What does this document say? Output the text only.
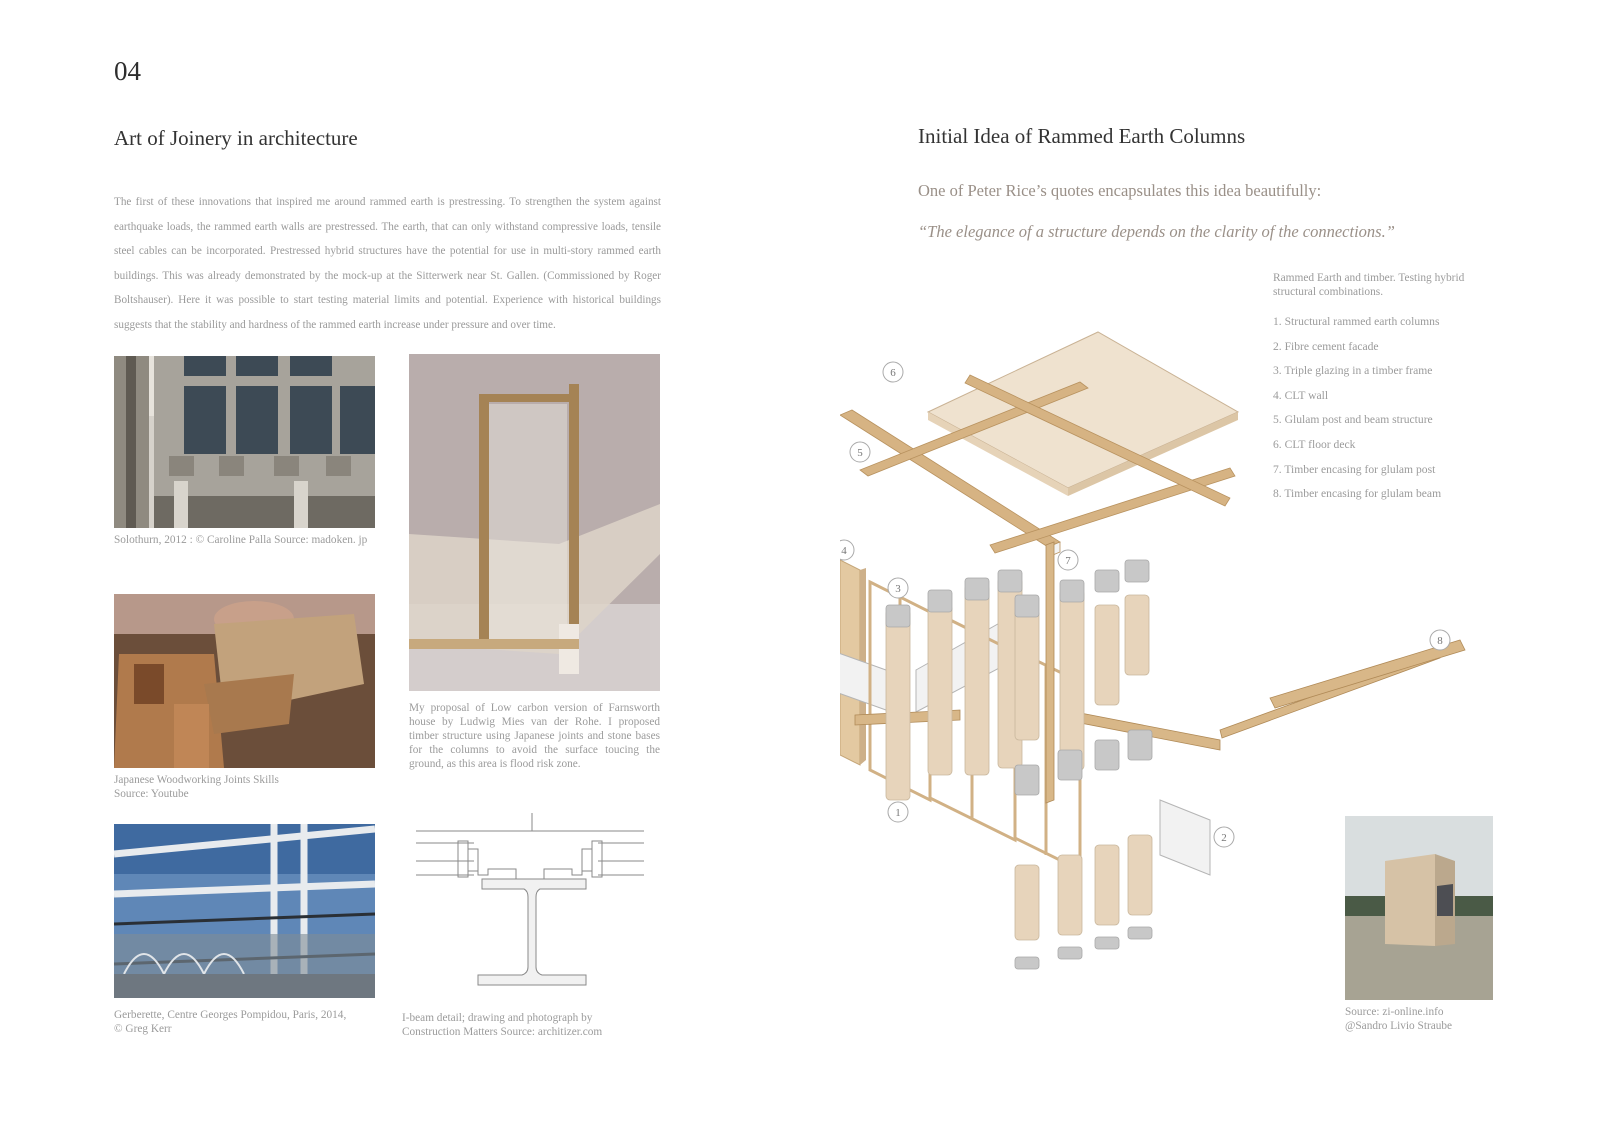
04
Art of Joinery in architecture
The first of these innovations that inspired me around rammed earth is prestressing. To strengthen the system against earthquake loads, the rammed earth walls are prestressed. The earth, that can only withstand compressive loads, tensile steel cables can be incorporated. Prestressed hybrid structures have the potential for use in multi-story rammed earth buildings. This was already demonstrated by the mock-up at the Sitterwerk near St. Gallen. (Commissioned by Roger Boltshauser). Here it was possible to start testing material limits and potential. Experience with historical buildings suggests that the stability and hardness of the rammed earth increase under pressure and over time.
Solothurn, 2012 : © Caroline Palla Source: madoken. jp
My proposal of Low carbon version of Farnsworth house by Ludwig Mies van der Rohe. I proposed timber structure using Japanese joints and stone bases for the columns to avoid the surface toucing the ground, as this area is flood risk zone.
Japanese Woodworking Joints Skills
Source: Youtube
Gerberette, Centre Georges Pompidou, Paris, 2014,
© Greg Kerr
I-beam detail; drawing and photograph by
Construction Matters Source: architizer.com
Initial Idea of Rammed Earth Columns
One of Peter Rice’s quotes encapsulates this idea beautifully:
“The elegance of a structure depends on the clarity of the connections.”
Rammed Earth and timber. Testing hybrid structural combinations.
1. Structural rammed earth columns
2. Fibre cement facade
3. Triple glazing in a timber frame
4. CLT wall
5. Glulam post and beam structure
6. CLT floor deck
7. Timber encasing for glulam post
8. Timber encasing for glulam beam
1
2
3
4
5
6
7
8
Source: zi-online.info
@Sandro Livio Straube
